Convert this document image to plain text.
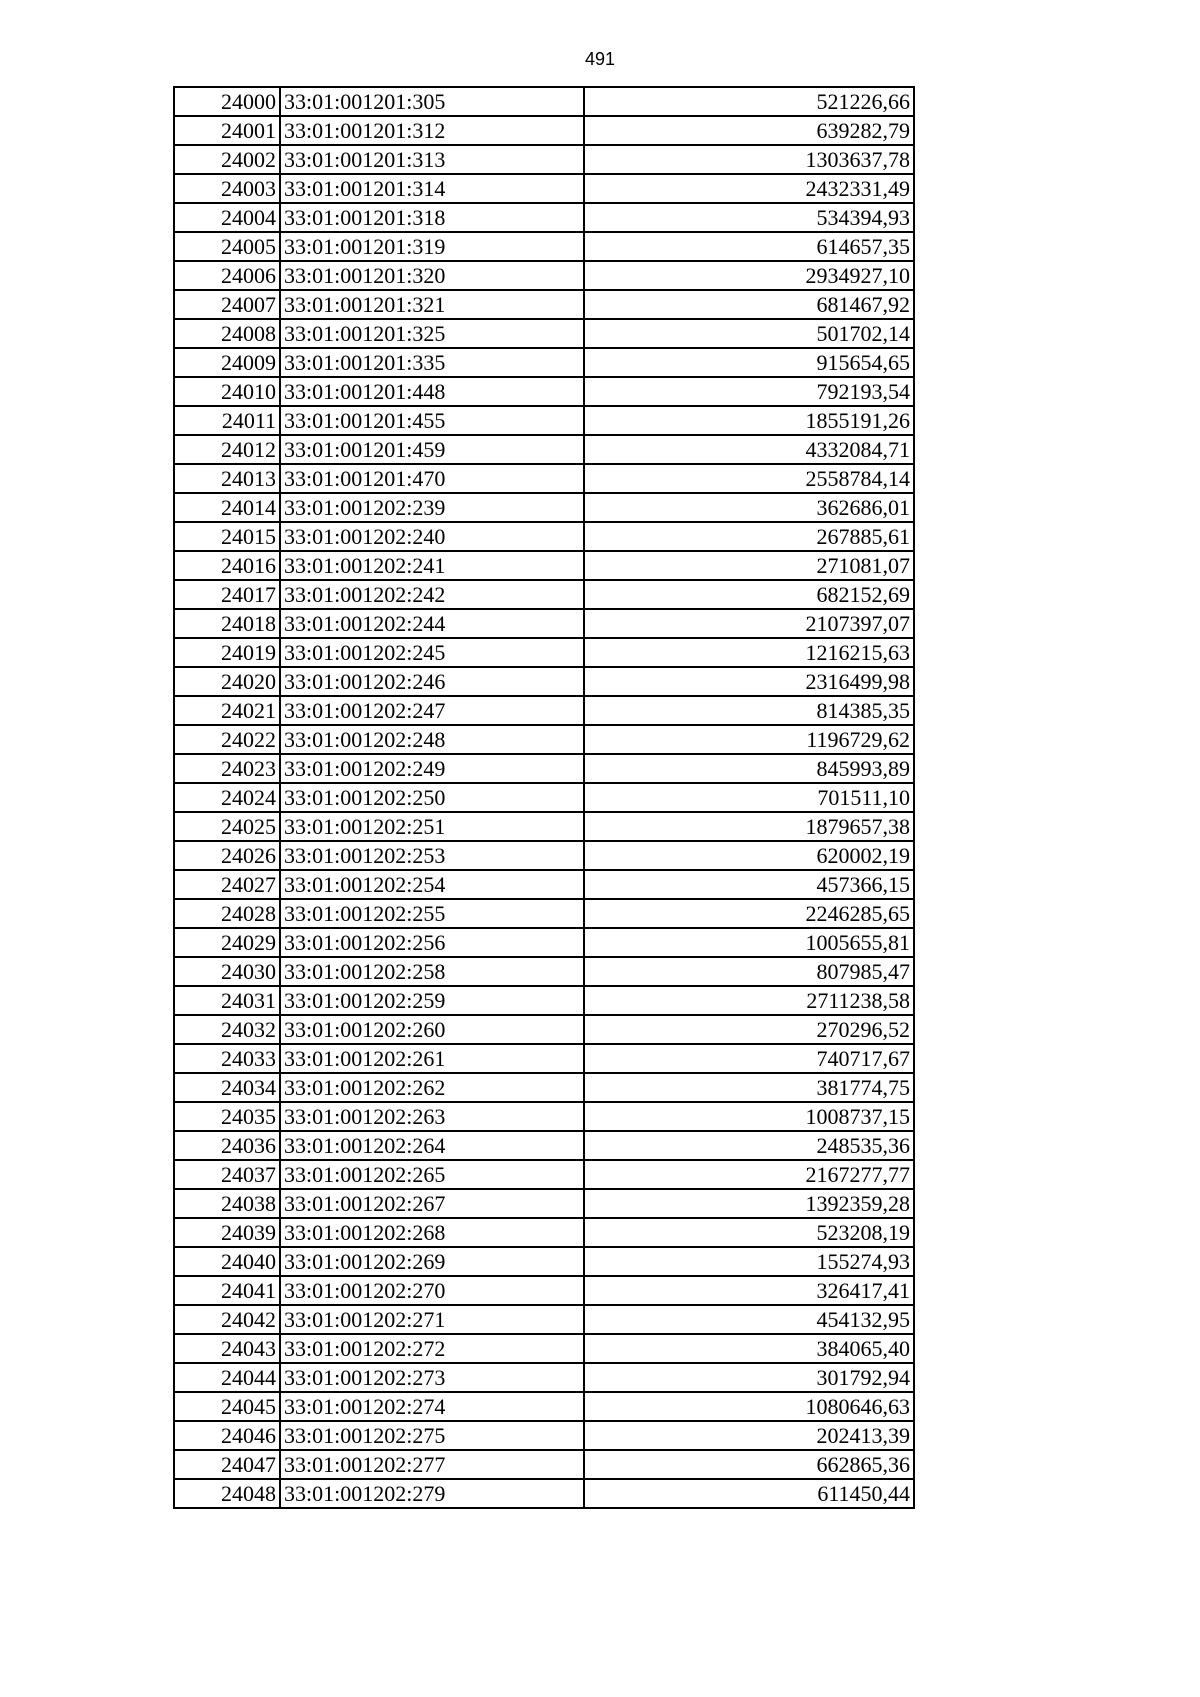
491
24000	33:01:001201:305	521226,66
24001	33:01:001201:312	639282,79
24002	33:01:001201:313	1303637,78
24003	33:01:001201:314	2432331,49
24004	33:01:001201:318	534394,93
24005	33:01:001201:319	614657,35
24006	33:01:001201:320	2934927,10
24007	33:01:001201:321	681467,92
24008	33:01:001201:325	501702,14
24009	33:01:001201:335	915654,65
24010	33:01:001201:448	792193,54
24011	33:01:001201:455	1855191,26
24012	33:01:001201:459	4332084,71
24013	33:01:001201:470	2558784,14
24014	33:01:001202:239	362686,01
24015	33:01:001202:240	267885,61
24016	33:01:001202:241	271081,07
24017	33:01:001202:242	682152,69
24018	33:01:001202:244	2107397,07
24019	33:01:001202:245	1216215,63
24020	33:01:001202:246	2316499,98
24021	33:01:001202:247	814385,35
24022	33:01:001202:248	1196729,62
24023	33:01:001202:249	845993,89
24024	33:01:001202:250	701511,10
24025	33:01:001202:251	1879657,38
24026	33:01:001202:253	620002,19
24027	33:01:001202:254	457366,15
24028	33:01:001202:255	2246285,65
24029	33:01:001202:256	1005655,81
24030	33:01:001202:258	807985,47
24031	33:01:001202:259	2711238,58
24032	33:01:001202:260	270296,52
24033	33:01:001202:261	740717,67
24034	33:01:001202:262	381774,75
24035	33:01:001202:263	1008737,15
24036	33:01:001202:264	248535,36
24037	33:01:001202:265	2167277,77
24038	33:01:001202:267	1392359,28
24039	33:01:001202:268	523208,19
24040	33:01:001202:269	155274,93
24041	33:01:001202:270	326417,41
24042	33:01:001202:271	454132,95
24043	33:01:001202:272	384065,40
24044	33:01:001202:273	301792,94
24045	33:01:001202:274	1080646,63
24046	33:01:001202:275	202413,39
24047	33:01:001202:277	662865,36
24048	33:01:001202:279	611450,44
